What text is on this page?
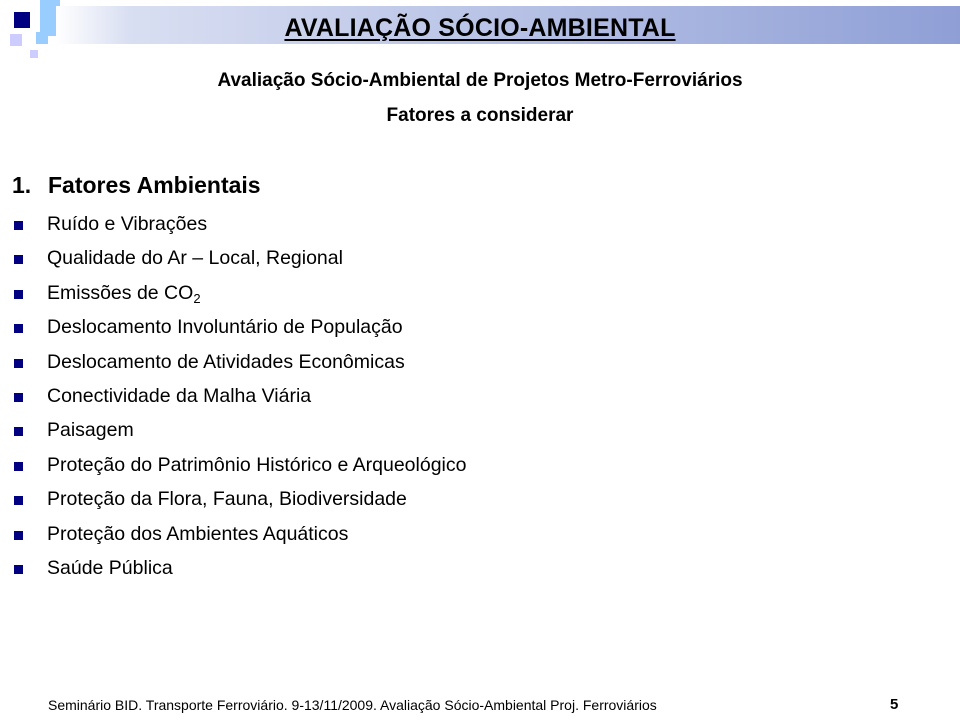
AVALIAÇÃO SÓCIO-AMBIENTAL
Avaliação Sócio-Ambiental de Projetos Metro-Ferroviários
Fatores a considerar
1. Fatores Ambientais
Ruído e Vibrações
Qualidade do Ar – Local, Regional
Emissões de $CO_2$
Deslocamento Involuntário de População
Deslocamento de Atividades Econômicas
Conectividade da Malha Viária
Paisagem
Proteção do Patrimônio Histórico e Arqueológico
Proteção da Flora, Fauna, Biodiversidade
Proteção dos Ambientes Aquáticos
Saúde Pública
Seminário BID. Transporte Ferroviário. 9-13/11/2009. Avaliação Sócio-Ambiental Proj. Ferroviários	5
